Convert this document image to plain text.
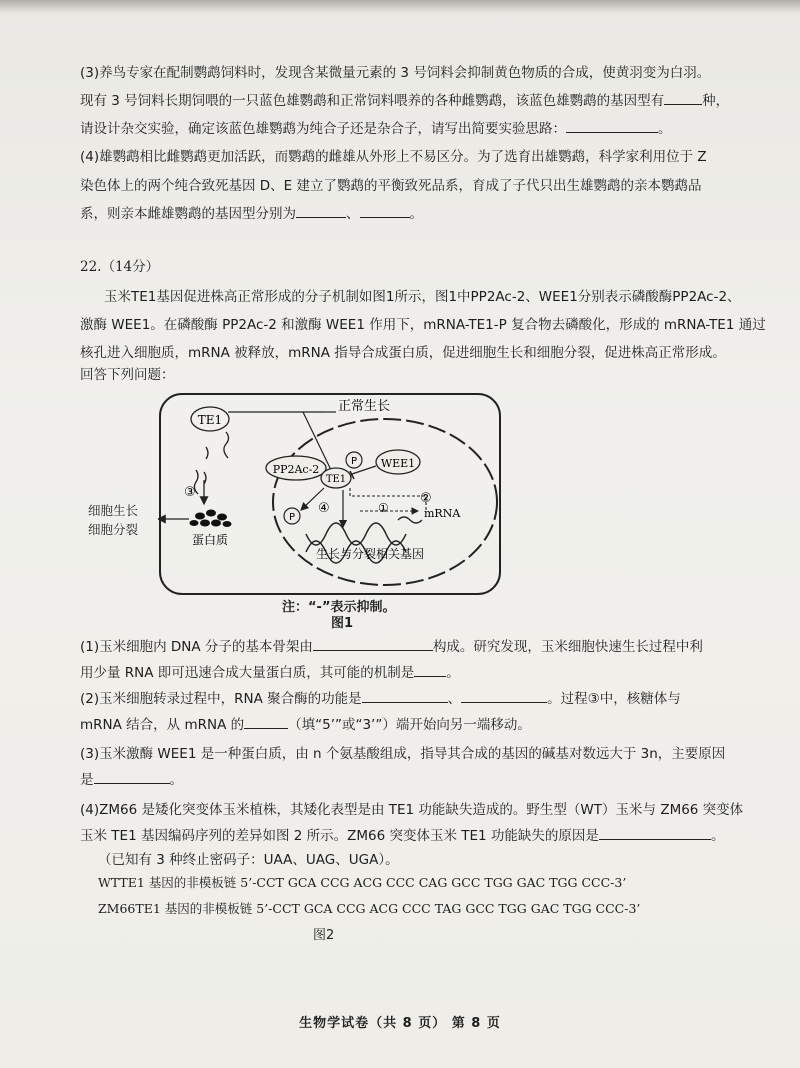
(3)养鸟专家在配制鹦鹉饲料时，发现含某微量元素的 3 号饲料会抑制黄色物质的合成，使黄羽变为白羽。
现有 3 号饲料长期饲喂的一只蓝色雄鹦鹉和正常饲料喂养的各种雌鹦鹉，该蓝色雄鹦鹉的基因型有	种，
请设计杂交实验，确定该蓝色雄鹦鹉为纯合子还是杂合子，请写出简要实验思路：	。
(4)雄鹦鹉相比雌鹦鹉更加活跃，而鹦鹉的雌雄从外形上不易区分。为了选育出雄鹦鹉，科学家利用位于 Z
染色体上的两个纯合致死基因 D、E 建立了鹦鹉的平衡致死品系，育成了子代只出生雄鹦鹉的亲本鹦鹉品
系，则亲本雌雄鹦鹉的基因型分别为	、	。
22.（14分）
玉米TE1基因促进株高正常形成的分子机制如图1所示，图1中PP2Ac-2、WEE1分别表示磷酸酶PP2Ac-2、
激酶 WEE1。在磷酸酶 PP2Ac-2 和激酶 WEE1 作用下，mRNA-TE1-P 复合物去磷酸化，形成的 mRNA-TE1 通过
核孔进入细胞质，mRNA 被释放，mRNA 指导合成蛋白质，促进细胞生长和细胞分裂，促进株高正常形成。
回答下列问题：
TE1
③
蛋白质
正常生长
PP2Ac-2
TE1
P WEE1
P
①
②
④	mRNA
生长与分裂相关基因
细胞生长
细胞分裂
注：“-”表示抑制。
图1
(1)玉米细胞内 DNA 分子的基本骨架由	构成。研究发现，玉米细胞快速生长过程中利
用少量 RNA 即可迅速合成大量蛋白质，其可能的机制是 。
(2)玉米细胞转录过程中，RNA 聚合酶的功能是	、	。过程③中，核糖体与
mRNA 结合，从 mRNA 的	（填“5’”或“3’”）端开始向另一端移动。
(3)玉米激酶 WEE1 是一种蛋白质，由 n 个氨基酸组成，指导其合成的基因的碱基对数远大于 3n，主要原因
是	。
(4)ZM66 是矮化突变体玉米植株，其矮化表型是由 TE1 功能缺失造成的。野生型（WT）玉米与 ZM66 突变体
玉米 TE1 基因编码序列的差异如图 2 所示。ZM66 突变体玉米 TE1 功能缺失的原因是	。
（已知有 3 种终止密码子：UAA、UAG、UGA）。
WTTE1 基因的非模板链 5’-CCT GCA CCG ACG CCC CAG GCC TGG GAC TGG CCC-3’
ZM66TE1 基因的非模板链 5’-CCT GCA CCG ACG CCC TAG GCC TGG GAC TGG CCC-3’
图2
生物学试卷（共 8 页） 第 8 页
